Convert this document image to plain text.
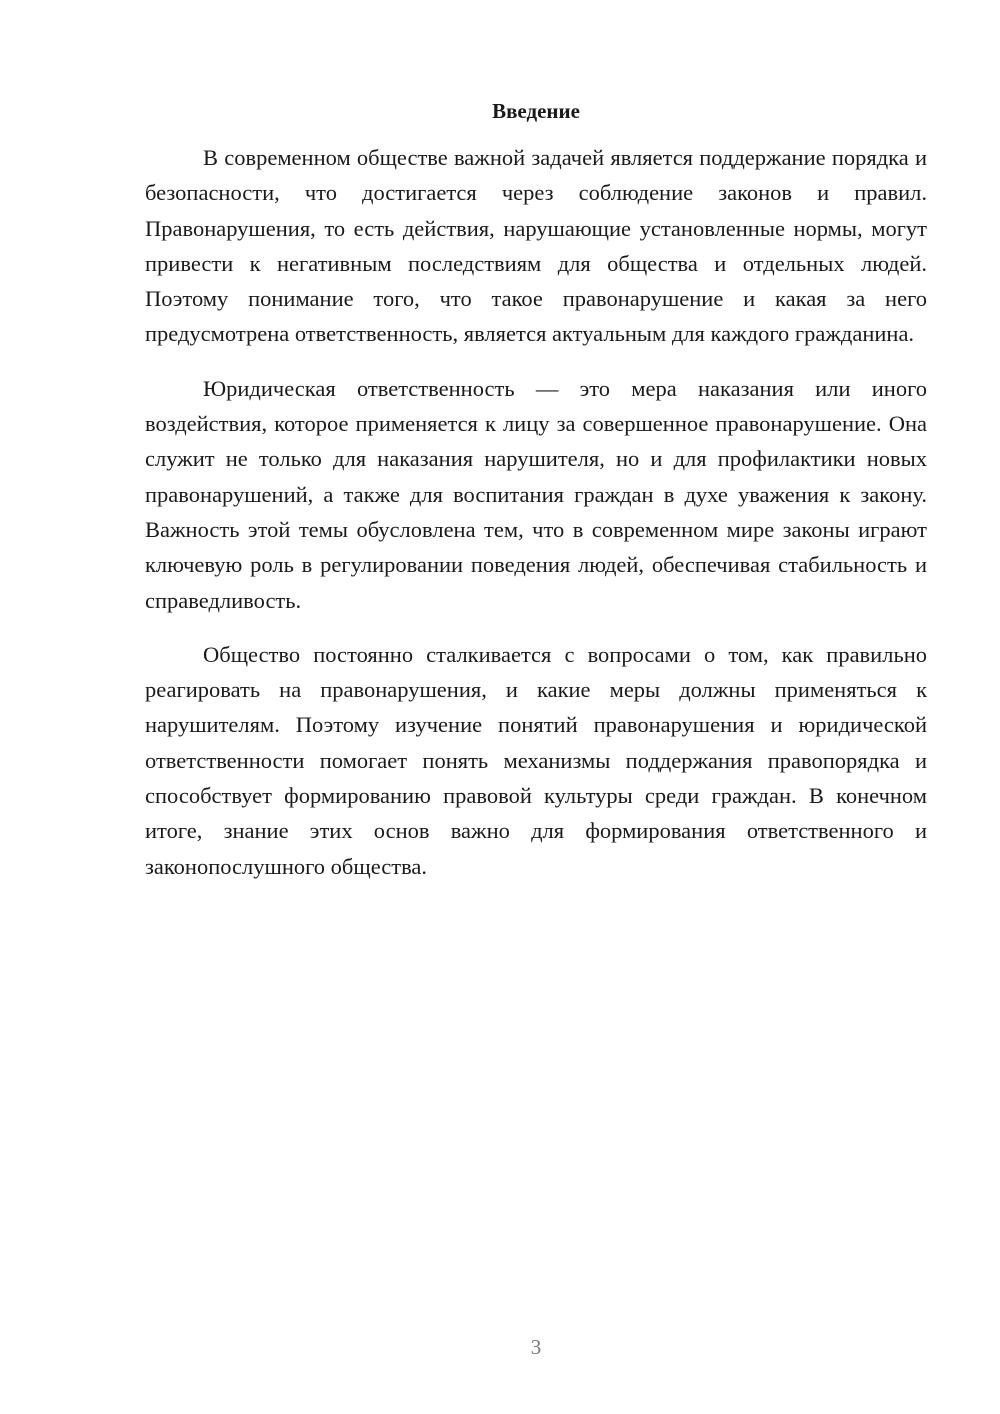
Введение

В современном обществе важной задачей является поддержание порядка и безопасности, что достигается через соблюдение законов и правил. Правонарушения, то есть действия, нарушающие установленные нормы, могут привести к негативным последствиям для общества и отдельных людей. Поэтому понимание того, что такое правонарушение и какая за него предусмотрена ответственность, является актуальным для каждого гражданина.

Юридическая ответственность — это мера наказания или иного воздействия, которое применяется к лицу за совершенное правонарушение. Она служит не только для наказания нарушителя, но и для профилактики новых правонарушений, а также для воспитания граждан в духе уважения к закону. Важность этой темы обусловлена тем, что в современном мире законы играют ключевую роль в регулировании поведения людей, обеспечивая стабильность и справедливость.

Общество постоянно сталкивается с вопросами о том, как правильно реагировать на правонарушения, и какие меры должны применяться к нарушителям. Поэтому изучение понятий правонарушения и юридической ответственности помогает понять механизмы поддержания правопорядка и способствует формированию правовой культуры среди граждан. В конечном итоге, знание этих основ важно для формирования ответственного и законопослушного общества.

3
